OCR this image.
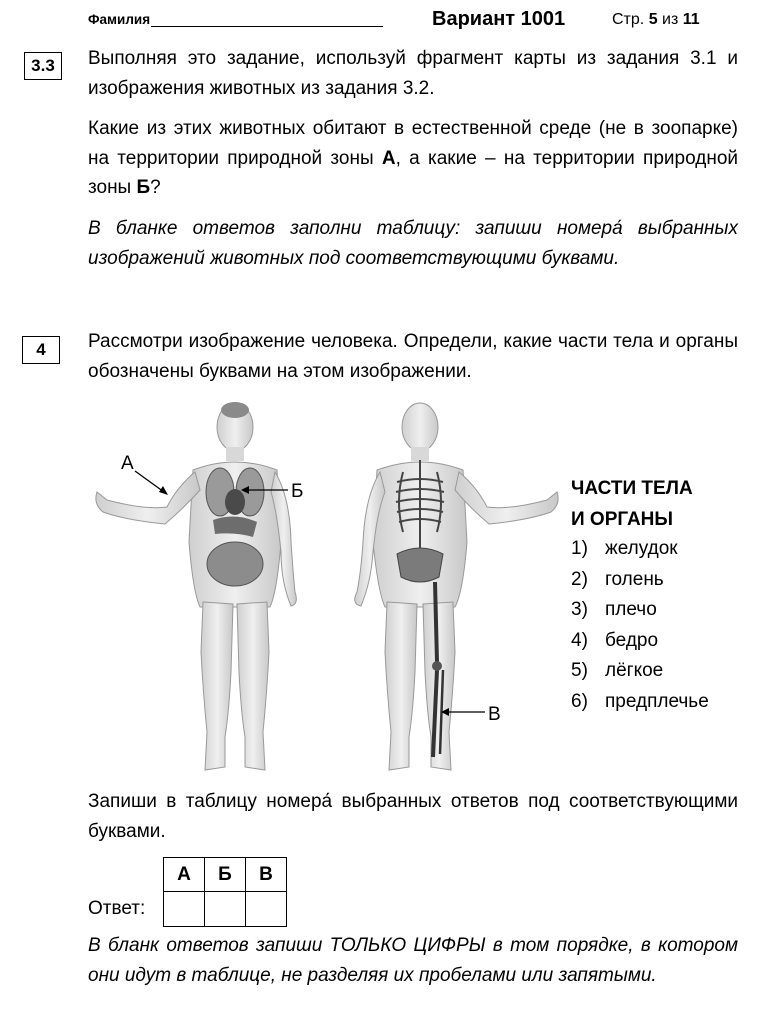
Фамилия	Вариант 1001	Стр. 5 из 11
3.3	Выполняя это задание, используй фрагмент карты из задания 3.1 и изображения животных из задания 3.2.
Какие из этих животных обитают в естественной среде (не в зоопарке) на территории природной зоны А, а какие – на территории природной зоны Б?
В бланке ответов заполни таблицу: запиши номера́ выбранных изображений животных под соответствующими буквами.
4	Рассмотри изображение человека. Определи, какие части тела и органы обозначены буквами на этом изображении.
А
Б
В
ЧАСТИ ТЕЛА
И ОРГАНЫ
1) желудок
2) голень
3) плечо
4) бедро
5) лёгкое
6) предплечье
Запиши в таблицу номера́ выбранных ответов под соответствующими буквами.
Ответ:
А	Б	В

В бланк ответов запиши ТОЛЬКО ЦИФРЫ в том порядке, в котором они идут в таблице, не разделяя их пробелами или запятыми.
